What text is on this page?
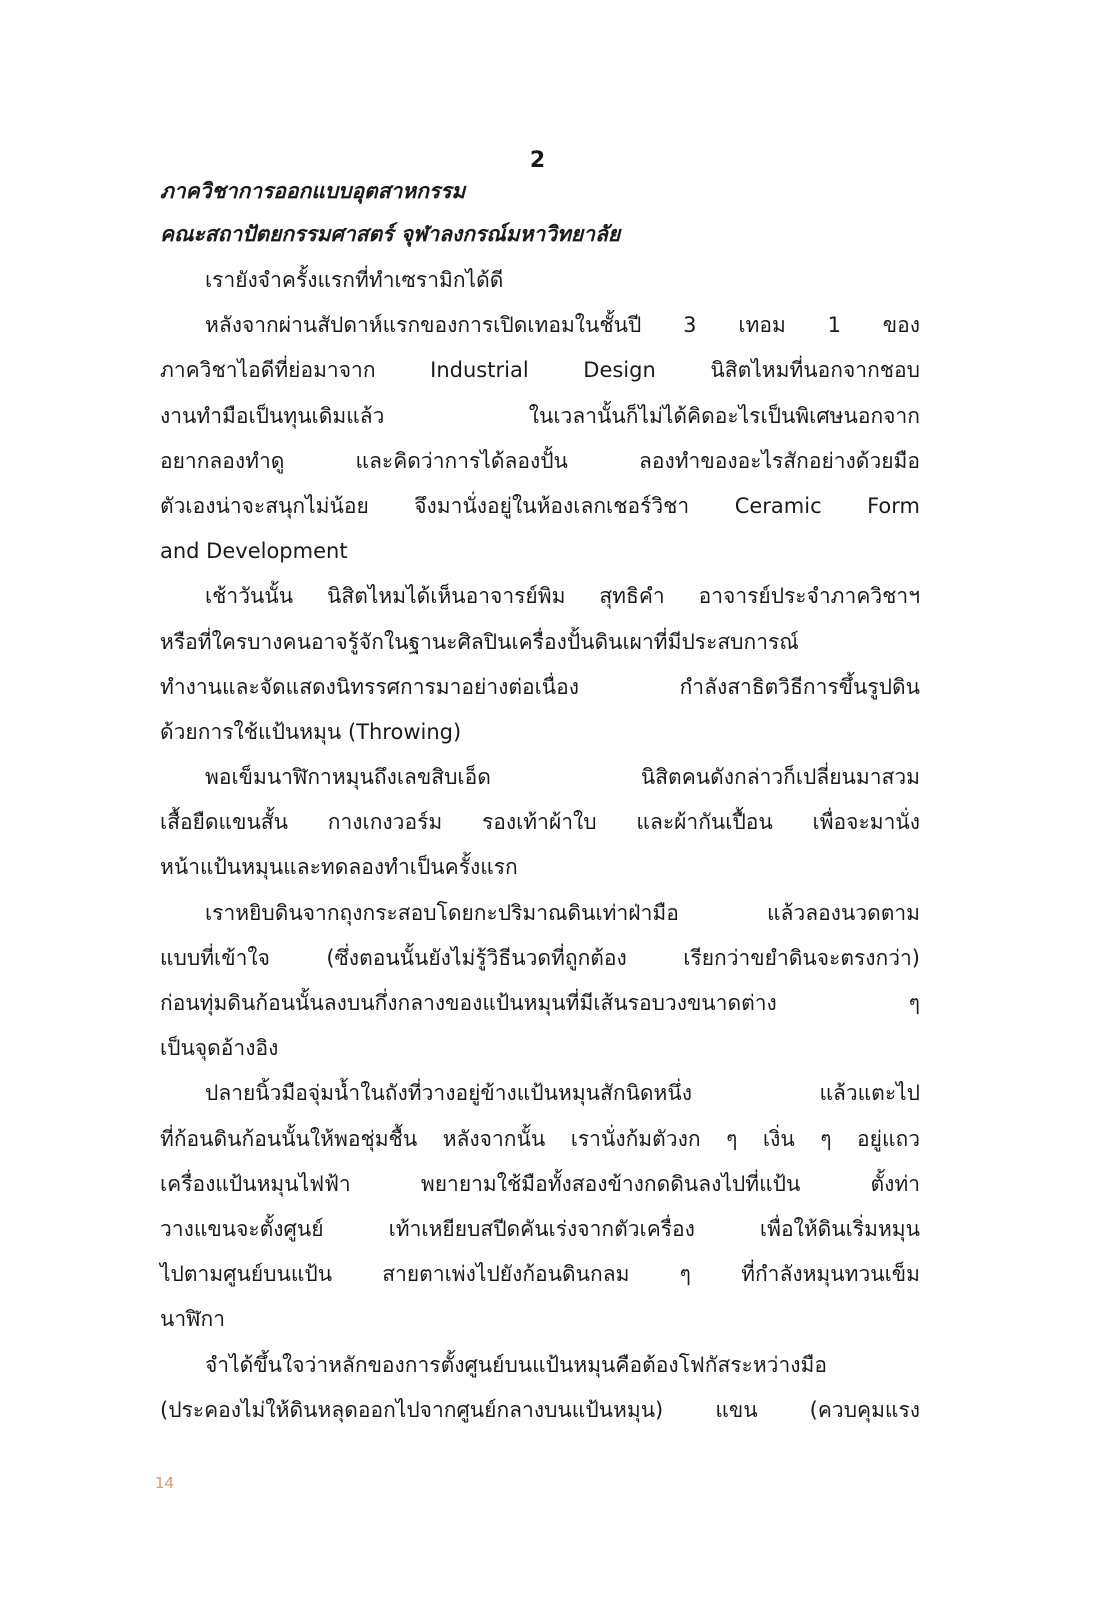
2
ภาควิชาการออกแบบอุตสาหกรรม
คณะสถาปัตยกรรมศาสตร์ จุฬาลงกรณ์มหาวิทยาลัย
เรายังจำครั้งแรกที่ทำเซรามิกได้ดี
หลังจากผ่านสัปดาห์แรกของการเปิดเทอมในชั้นปี 3 เทอม 1 ของ
ภาควิชาไอดีที่ย่อมาจาก Industrial Design นิสิตไหมที่นอกจากชอบ
งานทำมือเป็นทุนเดิมแล้ว ในเวลานั้นก็ไม่ได้คิดอะไรเป็นพิเศษนอกจาก
อยากลองทำดู และคิดว่าการได้ลองปั้น ลองทำของอะไรสักอย่างด้วยมือ
ตัวเองน่าจะสนุกไม่น้อย จึงมานั่งอยู่ในห้องเลกเชอร์วิชา Ceramic Form
and Development
เช้าวันนั้น นิสิตไหมได้เห็นอาจารย์พิม สุทธิคำ อาจารย์ประจำภาควิชาฯ
หรือที่ใครบางคนอาจรู้จักในฐานะศิลปินเครื่องปั้นดินเผาที่มีประสบการณ์
ทำงานและจัดแสดงนิทรรศการมาอย่างต่อเนื่อง กำลังสาธิตวิธีการขึ้นรูปดิน
ด้วยการใช้แป้นหมุน (Throwing)
พอเข็มนาฬิกาหมุนถึงเลขสิบเอ็ด นิสิตคนดังกล่าวก็เปลี่ยนมาสวม
เสื้อยืดแขนสั้น กางเกงวอร์ม รองเท้าผ้าใบ และผ้ากันเปื้อน เพื่อจะมานั่ง
หน้าแป้นหมุนและทดลองทำเป็นครั้งแรก
เราหยิบดินจากถุงกระสอบโดยกะปริมาณดินเท่าฝ่ามือ แล้วลองนวดตาม
แบบที่เข้าใจ (ซึ่งตอนนั้นยังไม่รู้วิธีนวดที่ถูกต้อง เรียกว่าขยำดินจะตรงกว่า)
ก่อนทุ่มดินก้อนนั้นลงบนกึ่งกลางของแป้นหมุนที่มีเส้นรอบวงขนาดต่าง ๆ
เป็นจุดอ้างอิง
ปลายนิ้วมือจุ่มน้ำในถังที่วางอยู่ข้างแป้นหมุนสักนิดหนึ่ง แล้วแตะไป
ที่ก้อนดินก้อนนั้นให้พอชุ่มชื้น หลังจากนั้น เรานั่งก้มตัวงก ๆ เงิ่น ๆ อยู่แถว
เครื่องแป้นหมุนไฟฟ้า พยายามใช้มือทั้งสองข้างกดดินลงไปที่แป้น ตั้งท่า
วางแขนจะตั้งศูนย์ เท้าเหยียบสปีดคันเร่งจากตัวเครื่อง เพื่อให้ดินเริ่มหมุน
ไปตามศูนย์บนแป้น สายตาเพ่งไปยังก้อนดินกลม ๆ ที่กำลังหมุนทวนเข็ม
นาฬิกา
จำได้ขึ้นใจว่าหลักของการตั้งศูนย์บนแป้นหมุนคือต้องโฟกัสระหว่างมือ
(ประคองไม่ให้ดินหลุดออกไปจากศูนย์กลางบนแป้นหมุน) แขน (ควบคุมแรง
14
